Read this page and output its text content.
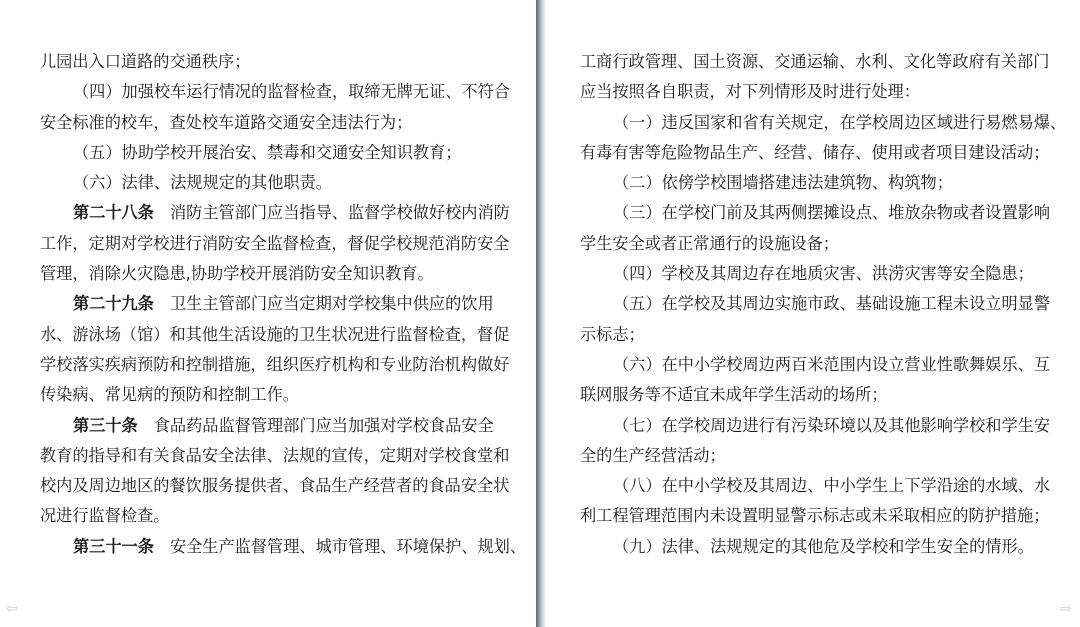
儿园出入口道路的交通秩序；
（四）加强校车运行情况的监督检查，取缔无牌无证、不符合
安全标准的校车，查处校车道路交通安全违法行为；
（五）协助学校开展治安、禁毒和交通安全知识教育；
（六）法律、法规规定的其他职责。
第二十八条 消防主管部门应当指导、监督学校做好校内消防
工作，定期对学校进行消防安全监督检查，督促学校规范消防安全
管理，消除火灾隐患,协助学校开展消防安全知识教育。
第二十九条 卫生主管部门应当定期对学校集中供应的饮用
水、游泳场（馆）和其他生活设施的卫生状况进行监督检查，督促
学校落实疾病预防和控制措施，组织医疗机构和专业防治机构做好
传染病、常见病的预防和控制工作。
第三十条 食品药品监督管理部门应当加强对学校食品安全
教育的指导和有关食品安全法律、法规的宣传，定期对学校食堂和
校内及周边地区的餐饮服务提供者、食品生产经营者的食品安全状
况进行监督检查。
第三十一条 安全生产监督管理、城市管理、环境保护、规划、
⇦
工商行政管理、国土资源、交通运输、水利、文化等政府有关部门
应当按照各自职责，对下列情形及时进行处理：
（一）违反国家和省有关规定，在学校周边区域进行易燃易爆、
有毒有害等危险物品生产、经营、储存、使用或者项目建设活动；
（二）依傍学校围墙搭建违法建筑物、构筑物；
（三）在学校门前及其两侧摆摊设点、堆放杂物或者设置影响
学生安全或者正常通行的设施设备；
（四）学校及其周边存在地质灾害、洪涝灾害等安全隐患；
（五）在学校及其周边实施市政、基础设施工程未设立明显警
示标志；
（六）在中小学校周边两百米范围内设立营业性歌舞娱乐、互
联网服务等不适宜未成年学生活动的场所；
（七）在学校周边进行有污染环境以及其他影响学校和学生安
全的生产经营活动；
（八）在中小学校及其周边、中小学生上下学沿途的水域、水
利工程管理范围内未设置明显警示标志或未采取相应的防护措施；
（九）法律、法规规定的其他危及学校和学生安全的情形。
⇨
